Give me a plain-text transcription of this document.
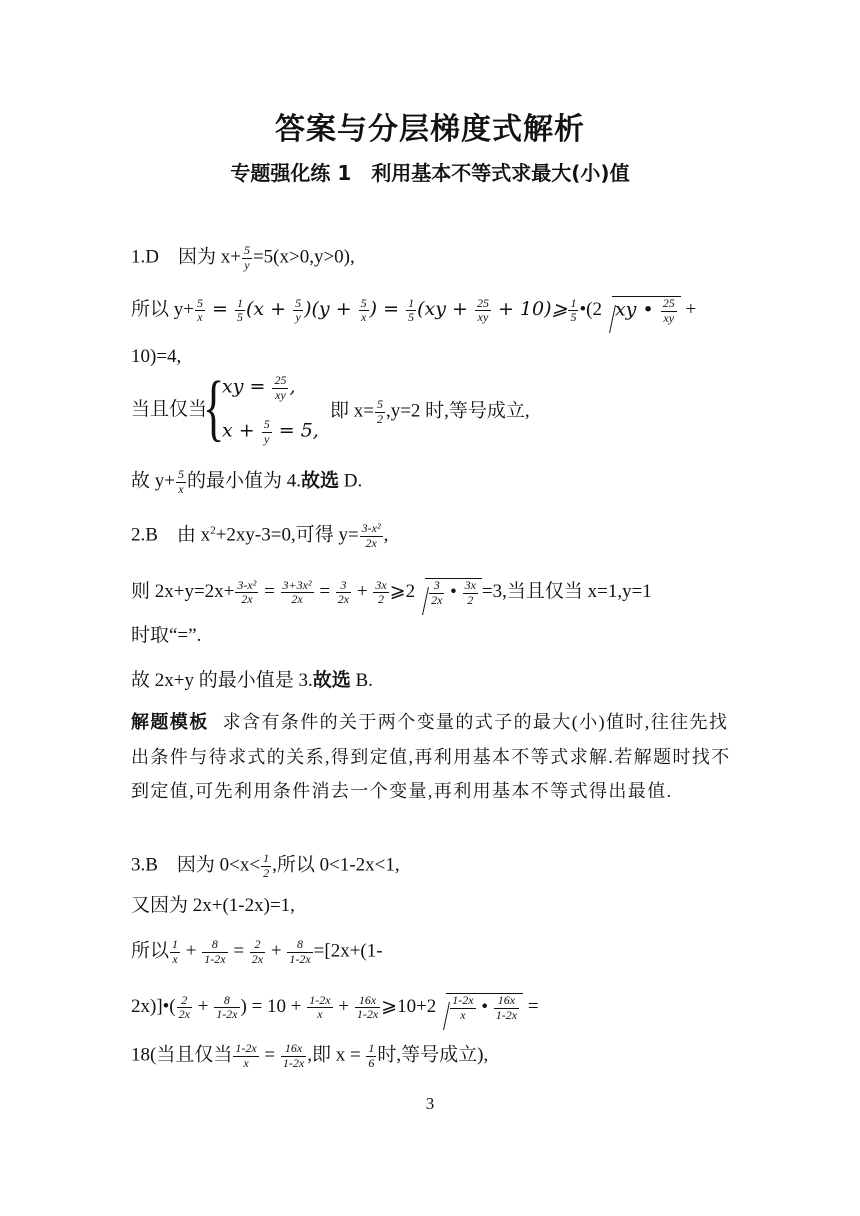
答案与分层梯度式解析
专题强化练 1　利用基本不等式求最大(小)值
1.D　因为 $x+ \frac{5}{y} =5(x>0,y>0)$,
所以 $y+ \frac{5}{x} = \frac{1}{5} (x + \frac{5}{y} )(y + \frac{5}{x}$ ) = $\frac{1}{5} (xy + \frac{25}{xy}$ + 10)⩾ $\frac{1}{5}$ •(2 xy • $\frac{25}{xy}$ +
10)=4,
{
当且仅当
xy = $\frac{25}{xy}$ ,
$x + \frac{5}{y} = 5$,
即 $x= \frac{5}{2} ,y=2$ 时,等号成立,
故 $y+ \frac{5}{x}$ 的最小值为 4.故选 D.
2.B　由 $x^2+2xy-3=0$,可得 $y= \frac{\text{3-x²}}{2x}$ ,
则 $2x+y=2x+ \frac{\text{3-x²}}{2x} = \frac{\text{3+3x²}}{2x} = \frac{3}{2x} + \frac{3x}{2}$ ⩾2 $\frac{3}{2x}$ • $\frac{3x}{2} =3$,当且仅当 x=1,y=1
时取“=”.
故 2x+y 的最小值是 3.故选 B.
解题模板 求含有条件的关于两个变量的式子的最大(小)值时,往往先找出条件与待求式的关系,得到定值,再利用基本不等式求解.若解题时找不到定值,可先利用条件消去一个变量,再利用基本不等式得出最值.
3.B　因为 $0<x< \frac{1}{2}$ ,所以 0<1-2x<1,
又因为 2x+(1-2x)=1,
所以 $\frac{1}{x} + \frac{8}{1-2x} = \frac{2}{2x} + \frac{8}{1-2x} =[2x+(1-$
2x)]•( $\frac{2}{2x} + \frac{8}{1-2x}$ ) = $10 + \frac{1-2x}{x} + \frac{16x}{1-2x}$ ⩾10+2 $\frac{1-2x}{x}$ • $\frac{16x}{1-2x}$ =
18(当且仅当 $\frac{1-2x}{x} = \frac{16x}{1-2x}$ ,即 $x = \frac{1}{6}$ 时,等号成立),
3
